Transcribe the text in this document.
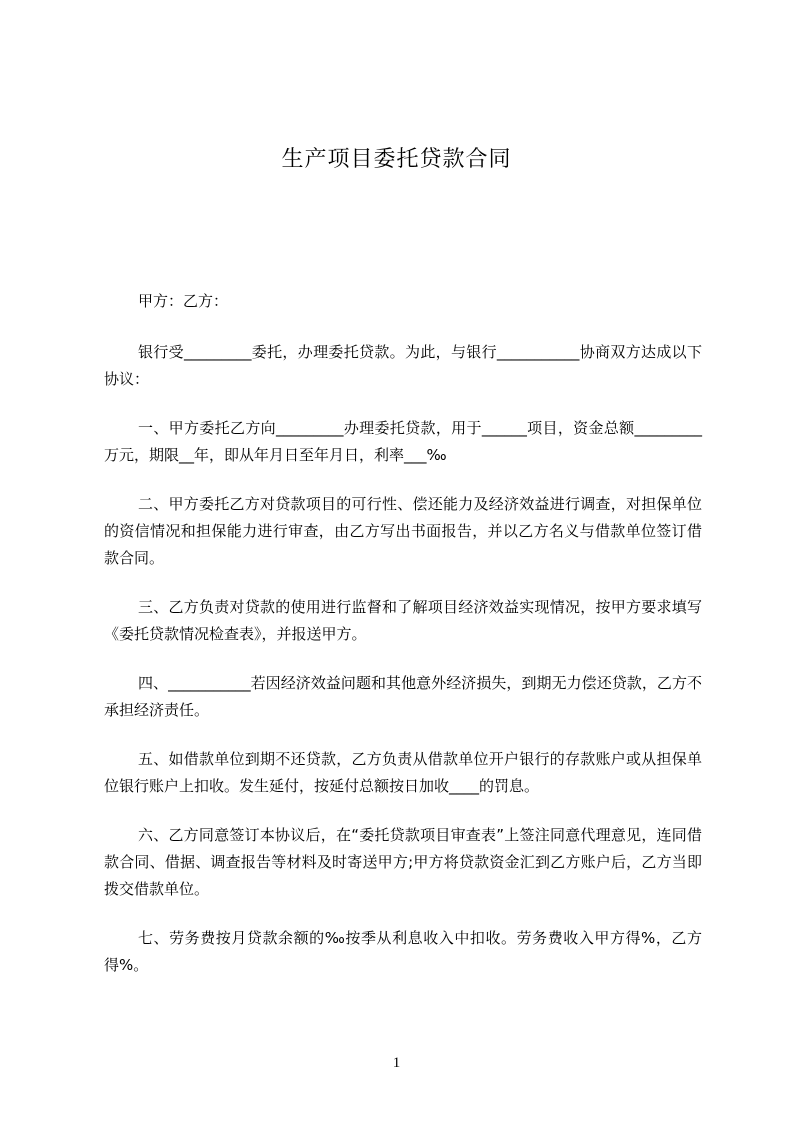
生产项目委托贷款合同

甲方：乙方：

银行受_________委托，办理委托贷款。为此，与银行___________协商双方达成以下协议：

一、甲方委托乙方向_________办理委托贷款，用于______项目，资金总额_________万元，期限__年，即从年月日至年月日，利率___‰

二、甲方委托乙方对贷款项目的可行性、偿还能力及经济效益进行调查，对担保单位的资信情况和担保能力进行审查，由乙方写出书面报告，并以乙方名义与借款单位签订借款合同。

三、乙方负责对贷款的使用进行监督和了解项目经济效益实现情况，按甲方要求填写《委托贷款情况检查表》，并报送甲方。

四、___________若因经济效益问题和其他意外经济损失，到期无力偿还贷款，乙方不承担经济责任。

五、如借款单位到期不还贷款，乙方负责从借款单位开户银行的存款账户或从担保单位银行账户上扣收。发生延付，按延付总额按日加收____的罚息。

六、乙方同意签订本协议后，在“委托贷款项目审查表”上签注同意代理意见，连同借款合同、借据、调查报告等材料及时寄送甲方;甲方将贷款资金汇到乙方账户后，乙方当即拨交借款单位。

七、劳务费按月贷款余额的‰按季从利息收入中扣收。劳务费收入甲方得%，乙方得%。

1
